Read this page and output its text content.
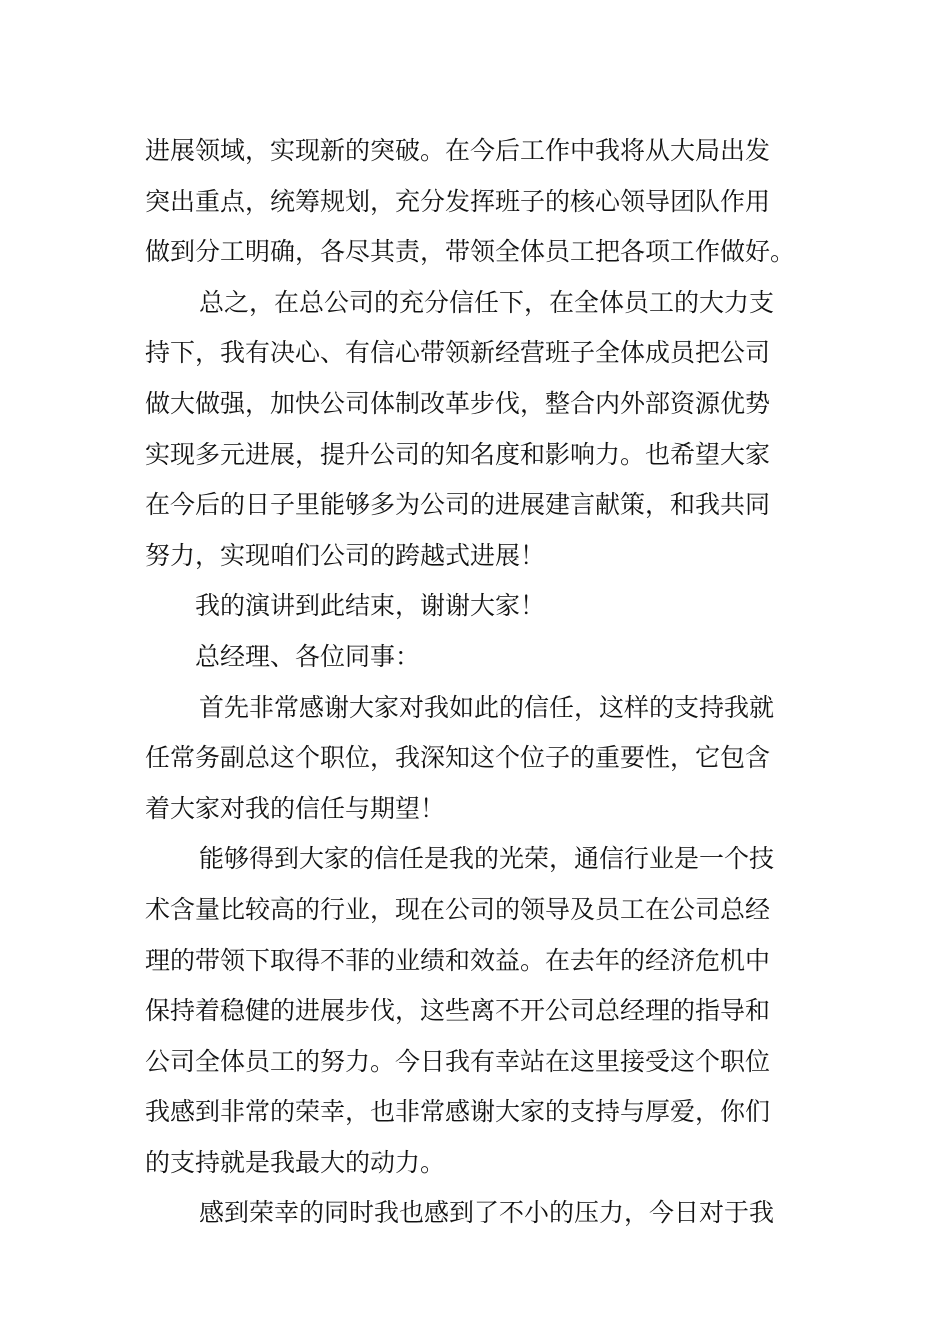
进展领域，实现新的突破。在今后工作中我将从大局出发
突出重点，统筹规划，充分发挥班子的核心领导团队作用
做到分工明确，各尽其责，带领全体员工把各项工作做好。
总之，在总公司的充分信任下，在全体员工的大力支
持下，我有决心、有信心带领新经营班子全体成员把公司
做大做强，加快公司体制改革步伐，整合内外部资源优势
实现多元进展，提升公司的知名度和影响力。也希望大家
在今后的日子里能够多为公司的进展建言献策，和我共同
努力，实现咱们公司的跨越式进展！
我的演讲到此结束，谢谢大家！
总经理、各位同事：
首先非常感谢大家对我如此的信任，这样的支持我就
任常务副总这个职位，我深知这个位子的重要性，它包含
着大家对我的信任与期望！
能够得到大家的信任是我的光荣，通信行业是一个技
术含量比较高的行业，现在公司的领导及员工在公司总经
理的带领下取得不菲的业绩和效益。在去年的经济危机中
保持着稳健的进展步伐，这些离不开公司总经理的指导和
公司全体员工的努力。今日我有幸站在这里接受这个职位
我感到非常的荣幸，也非常感谢大家的支持与厚爱，你们
的支持就是我最大的动力。
感到荣幸的同时我也感到了不小的压力，今日对于我
